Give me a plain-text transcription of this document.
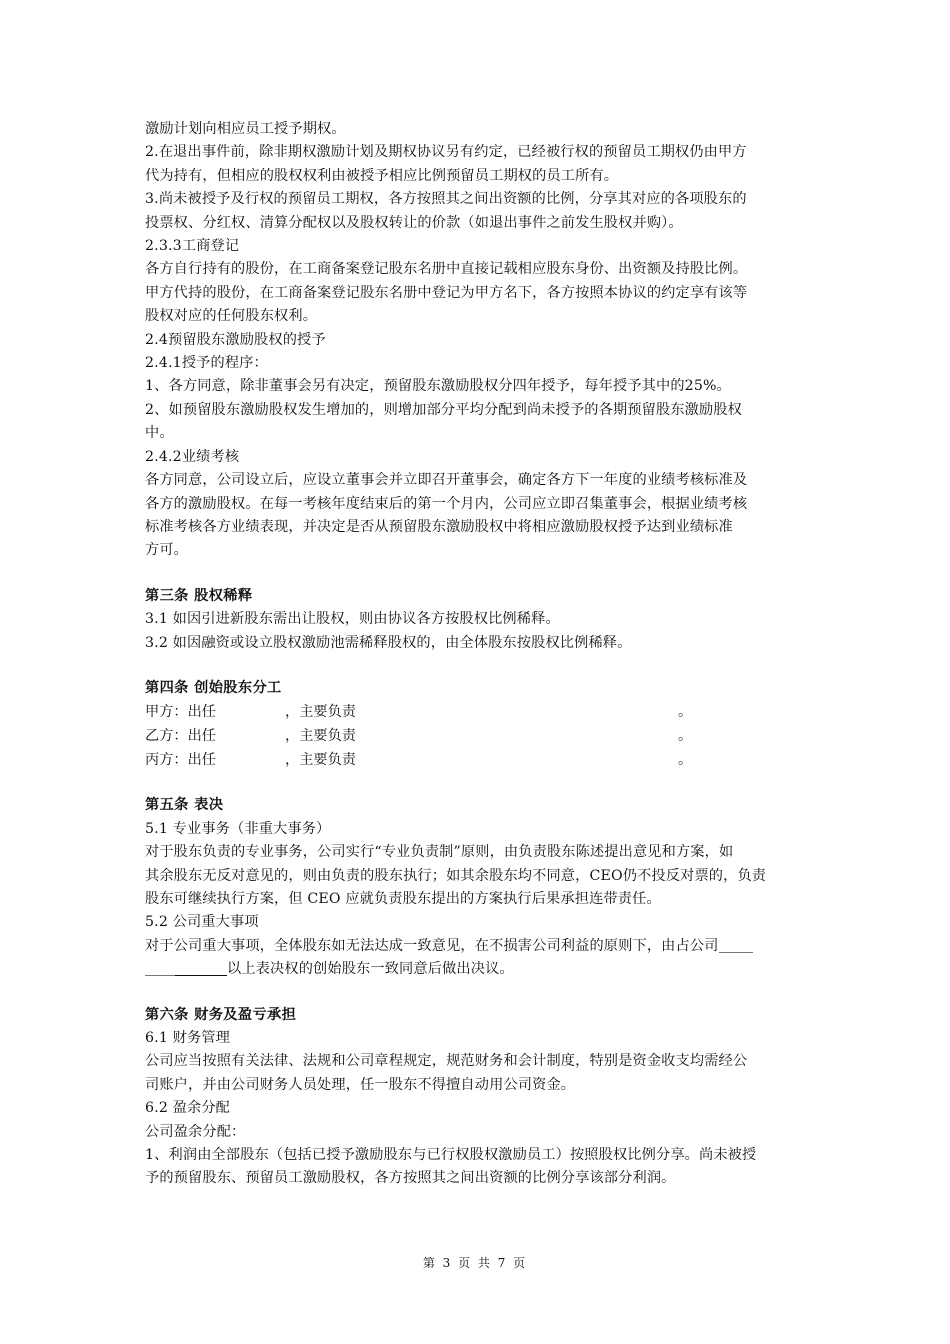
激励计划向相应员工授予期权。
2.在退出事件前，除非期权激励计划及期权协议另有约定，已经被行权的预留员工期权仍由甲方
代为持有，但相应的股权权利由被授予相应比例预留员工期权的员工所有。
3.尚未被授予及行权的预留员工期权，各方按照其之间出资额的比例，分享其对应的各项股东的
投票权、分红权、清算分配权以及股权转让的价款（如退出事件之前发生股权并购）。
2.3.3工商登记
各方自行持有的股份，在工商备案登记股东名册中直接记载相应股东身份、出资额及持股比例。
甲方代持的股份，在工商备案登记股东名册中登记为甲方名下，各方按照本协议的约定享有该等
股权对应的任何股东权利。
2.4预留股东激励股权的授予
2.4.1授予的程序：
1、各方同意，除非董事会另有决定，预留股东激励股权分四年授予，每年授予其中的25%。
2、如预留股东激励股权发生增加的，则增加部分平均分配到尚未授予的各期预留股东激励股权
中。
2.4.2业绩考核
各方同意，公司设立后，应设立董事会并立即召开董事会，确定各方下一年度的业绩考核标准及
各方的激励股权。在每一考核年度结束后的第一个月内，公司应立即召集董事会，根据业绩考核
标准考核各方业绩表现，并决定是否从预留股东激励股权中将相应激励股权授予达到业绩标准
方可。
第三条 股权稀释
3.1 如因引进新股东需出让股权，则由协议各方按股权比例稀释。
3.2 如因融资或设立股权激励池需稀释股权的，由全体股东按股权比例稀释。
第四条 创始股东分工
甲方：出任	，主要负责	。
乙方：出任	，主要负责	。
丙方：出任	，主要负责	。
第五条 表决
5.1 专业事务（非重大事务）
对于股东负责的专业事务，公司实行“专业负责制”原则，由负责股东陈述提出意见和方案，如
其余股东无反对意见的，则由负责的股东执行；如其余股东均不同意，CEO仍不投反对票的，负责
股东可继续执行方案，但 CEO 应就负责股东提出的方案执行后果承担连带责任。
5.2 公司重大事项
对于公司重大事项，全体股东如无法达成一致意见，在不损害公司利益的原则下，由占公司
以上表决权的创始股东一致同意后做出决议。
第六条 财务及盈亏承担
6.1 财务管理
公司应当按照有关法律、法规和公司章程规定，规范财务和会计制度，特别是资金收支均需经公
司账户，并由公司财务人员处理，任一股东不得擅自动用公司资金。
6.2 盈余分配
公司盈余分配：
1、利润由全部股东（包括已授予激励股东与已行权股权激励员工）按照股权比例分享。尚未被授
予的预留股东、预留员工激励股权，各方按照其之间出资额的比例分享该部分利润。
第 3 页 共 7 页
